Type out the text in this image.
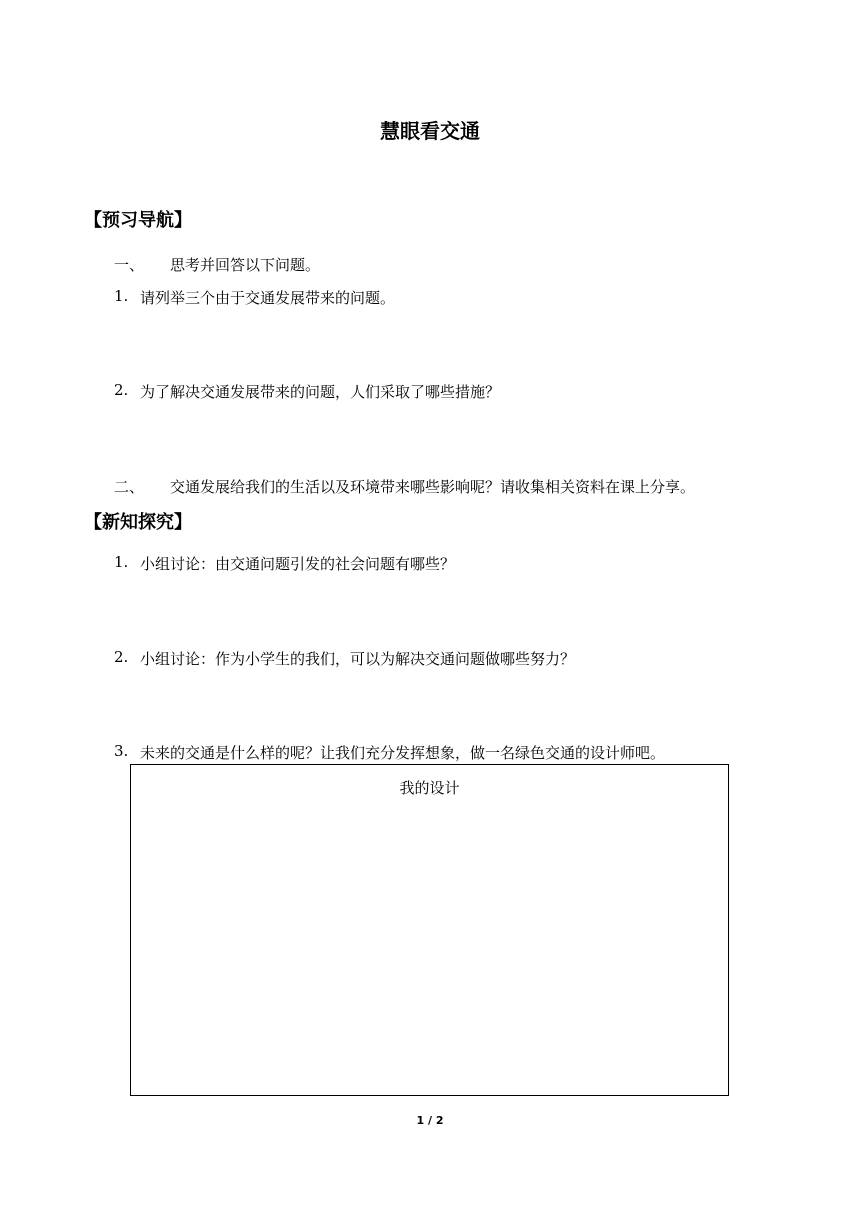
慧眼看交通
【预习导航】
一、 思考并回答以下问题。
1. 请列举三个由于交通发展带来的问题。
2. 为了解决交通发展带来的问题，人们采取了哪些措施？
二、 交通发展给我们的生活以及环境带来哪些影响呢？请收集相关资料在课上分享。
【新知探究】
1. 小组讨论：由交通问题引发的社会问题有哪些？
2. 小组讨论：作为小学生的我们，可以为解决交通问题做哪些努力？
3. 未来的交通是什么样的呢？让我们充分发挥想象，做一名绿色交通的设计师吧。
我的设计
1 / 2
